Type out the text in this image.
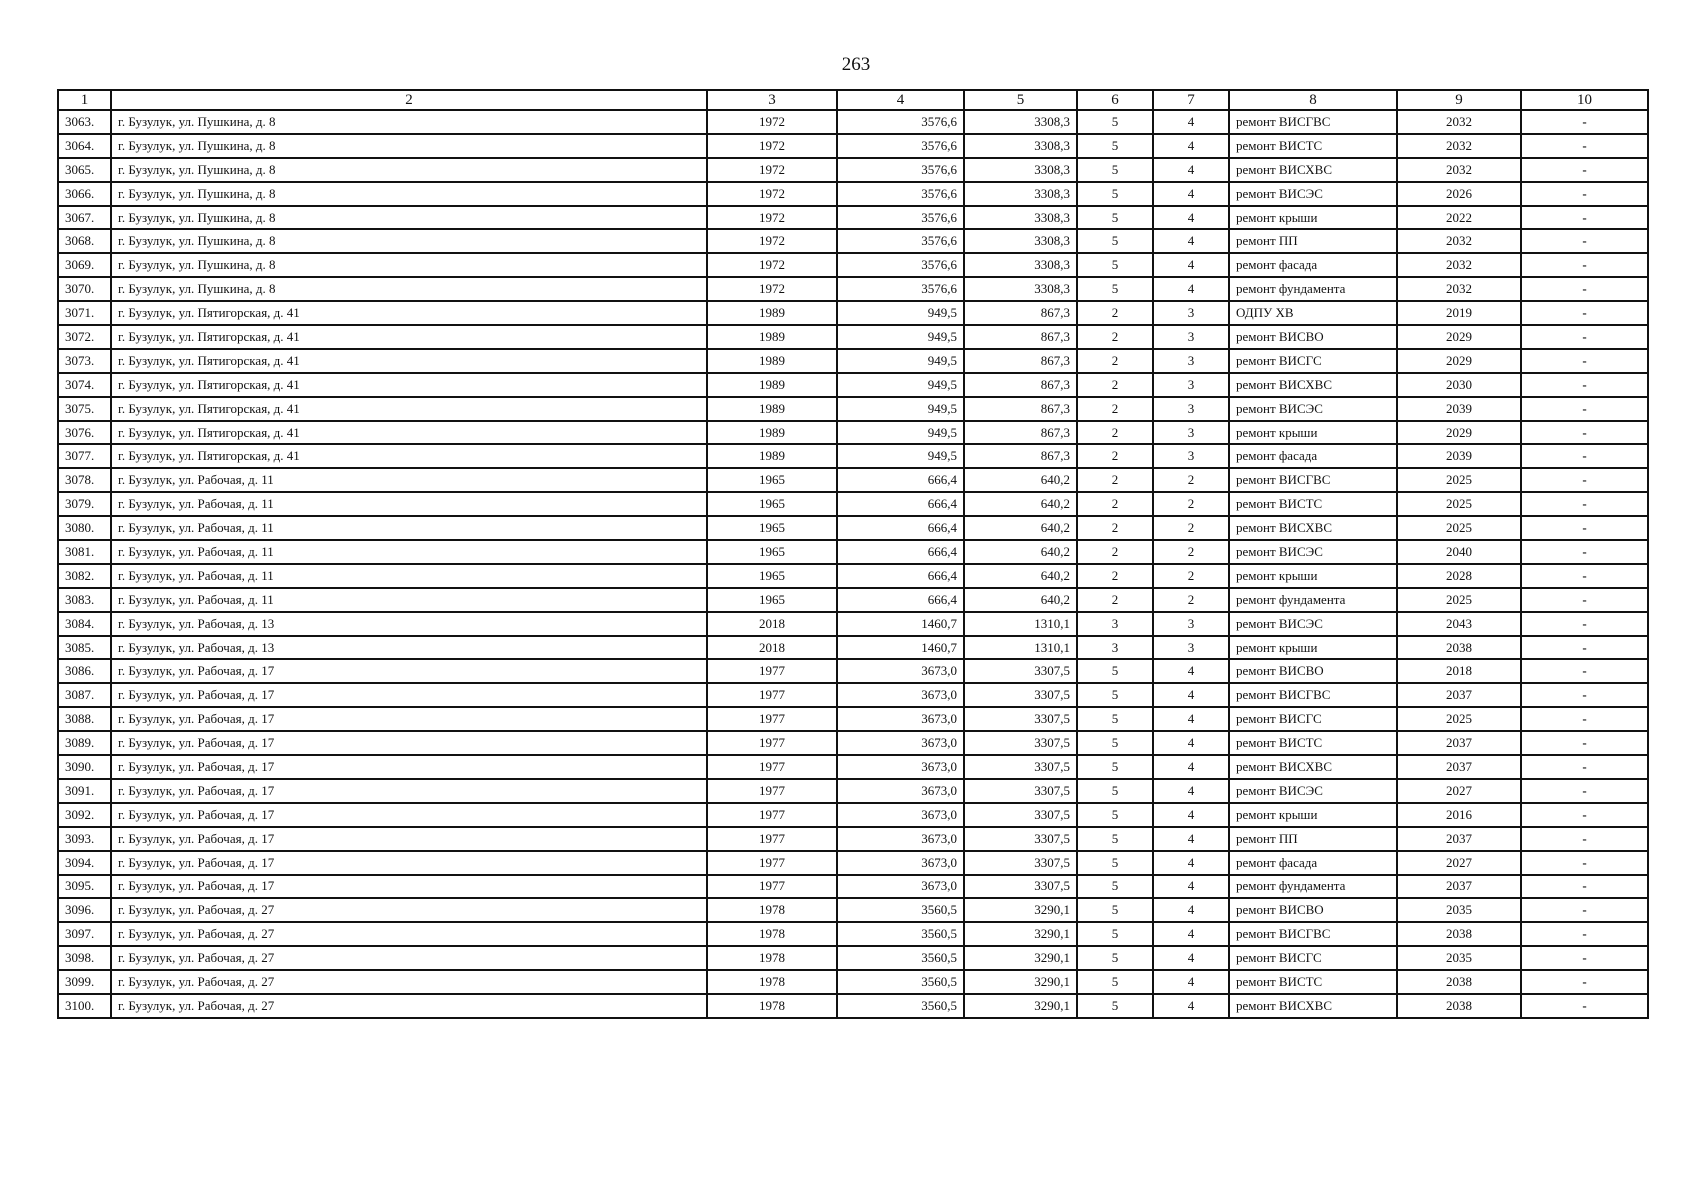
263
1	2	3	4	5	6	7	8	9	10
3063.	г. Бузулук, ул. Пушкина, д. 8	1972	3576,6	3308,3	5	4	ремонт ВИСГВС	2032	-
3064.	г. Бузулук, ул. Пушкина, д. 8	1972	3576,6	3308,3	5	4	ремонт ВИСТС	2032	-
3065.	г. Бузулук, ул. Пушкина, д. 8	1972	3576,6	3308,3	5	4	ремонт ВИСХВС	2032	-
3066.	г. Бузулук, ул. Пушкина, д. 8	1972	3576,6	3308,3	5	4	ремонт ВИСЭС	2026	-
3067.	г. Бузулук, ул. Пушкина, д. 8	1972	3576,6	3308,3	5	4	ремонт крыши	2022	-
3068.	г. Бузулук, ул. Пушкина, д. 8	1972	3576,6	3308,3	5	4	ремонт ПП	2032	-
3069.	г. Бузулук, ул. Пушкина, д. 8	1972	3576,6	3308,3	5	4	ремонт фасада	2032	-
3070.	г. Бузулук, ул. Пушкина, д. 8	1972	3576,6	3308,3	5	4	ремонт фундамента	2032	-
3071.	г. Бузулук, ул. Пятигорская, д. 41	1989	949,5	867,3	2	3	ОДПУ ХВ	2019	-
3072.	г. Бузулук, ул. Пятигорская, д. 41	1989	949,5	867,3	2	3	ремонт ВИСВО	2029	-
3073.	г. Бузулук, ул. Пятигорская, д. 41	1989	949,5	867,3	2	3	ремонт ВИСГС	2029	-
3074.	г. Бузулук, ул. Пятигорская, д. 41	1989	949,5	867,3	2	3	ремонт ВИСХВС	2030	-
3075.	г. Бузулук, ул. Пятигорская, д. 41	1989	949,5	867,3	2	3	ремонт ВИСЭС	2039	-
3076.	г. Бузулук, ул. Пятигорская, д. 41	1989	949,5	867,3	2	3	ремонт крыши	2029	-
3077.	г. Бузулук, ул. Пятигорская, д. 41	1989	949,5	867,3	2	3	ремонт фасада	2039	-
3078.	г. Бузулук, ул. Рабочая, д. 11	1965	666,4	640,2	2	2	ремонт ВИСГВС	2025	-
3079.	г. Бузулук, ул. Рабочая, д. 11	1965	666,4	640,2	2	2	ремонт ВИСТС	2025	-
3080.	г. Бузулук, ул. Рабочая, д. 11	1965	666,4	640,2	2	2	ремонт ВИСХВС	2025	-
3081.	г. Бузулук, ул. Рабочая, д. 11	1965	666,4	640,2	2	2	ремонт ВИСЭС	2040	-
3082.	г. Бузулук, ул. Рабочая, д. 11	1965	666,4	640,2	2	2	ремонт крыши	2028	-
3083.	г. Бузулук, ул. Рабочая, д. 11	1965	666,4	640,2	2	2	ремонт фундамента	2025	-
3084.	г. Бузулук, ул. Рабочая, д. 13	2018	1460,7	1310,1	3	3	ремонт ВИСЭС	2043	-
3085.	г. Бузулук, ул. Рабочая, д. 13	2018	1460,7	1310,1	3	3	ремонт крыши	2038	-
3086.	г. Бузулук, ул. Рабочая, д. 17	1977	3673,0	3307,5	5	4	ремонт ВИСВО	2018	-
3087.	г. Бузулук, ул. Рабочая, д. 17	1977	3673,0	3307,5	5	4	ремонт ВИСГВС	2037	-
3088.	г. Бузулук, ул. Рабочая, д. 17	1977	3673,0	3307,5	5	4	ремонт ВИСГС	2025	-
3089.	г. Бузулук, ул. Рабочая, д. 17	1977	3673,0	3307,5	5	4	ремонт ВИСТС	2037	-
3090.	г. Бузулук, ул. Рабочая, д. 17	1977	3673,0	3307,5	5	4	ремонт ВИСХВС	2037	-
3091.	г. Бузулук, ул. Рабочая, д. 17	1977	3673,0	3307,5	5	4	ремонт ВИСЭС	2027	-
3092.	г. Бузулук, ул. Рабочая, д. 17	1977	3673,0	3307,5	5	4	ремонт крыши	2016	-
3093.	г. Бузулук, ул. Рабочая, д. 17	1977	3673,0	3307,5	5	4	ремонт ПП	2037	-
3094.	г. Бузулук, ул. Рабочая, д. 17	1977	3673,0	3307,5	5	4	ремонт фасада	2027	-
3095.	г. Бузулук, ул. Рабочая, д. 17	1977	3673,0	3307,5	5	4	ремонт фундамента	2037	-
3096.	г. Бузулук, ул. Рабочая, д. 27	1978	3560,5	3290,1	5	4	ремонт ВИСВО	2035	-
3097.	г. Бузулук, ул. Рабочая, д. 27	1978	3560,5	3290,1	5	4	ремонт ВИСГВС	2038	-
3098.	г. Бузулук, ул. Рабочая, д. 27	1978	3560,5	3290,1	5	4	ремонт ВИСГС	2035	-
3099.	г. Бузулук, ул. Рабочая, д. 27	1978	3560,5	3290,1	5	4	ремонт ВИСТС	2038	-
3100.	г. Бузулук, ул. Рабочая, д. 27	1978	3560,5	3290,1	5	4	ремонт ВИСХВС	2038	-
